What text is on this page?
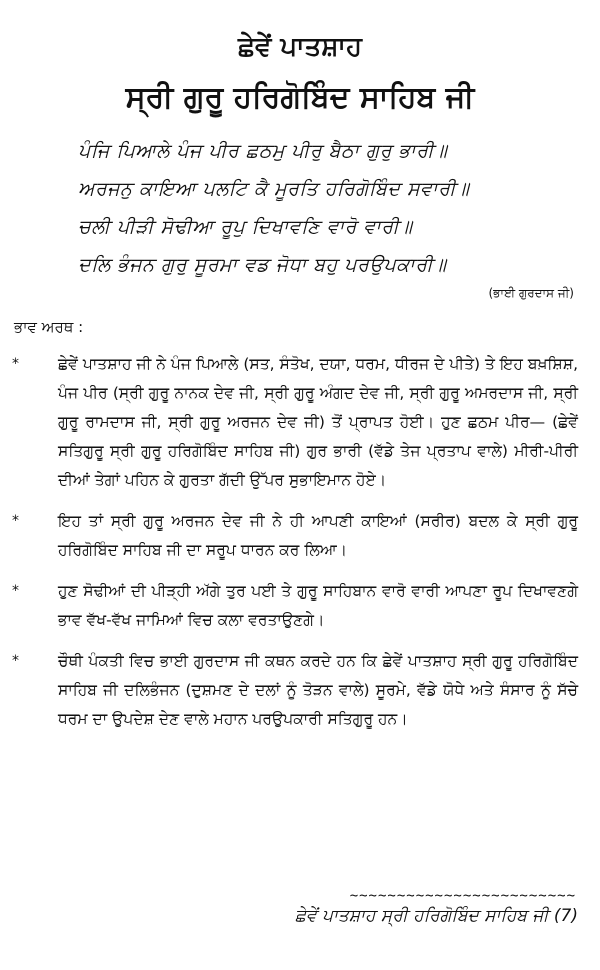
ਛੇਵੇਂ ਪਾਤਸ਼ਾਹ
ਸ੍ਰੀ ਗੁਰੂ ਹਰਿਗੋਬਿੰਦ ਸਾਹਿਬ ਜੀ
ਪੰਜਿ ਪਿਆਲੇ ਪੰਜ ਪੀਰ ਛਠਮੁ ਪੀਰੁ ਬੈਠਾ ਗੁਰੁ ਭਾਰੀ॥
ਅਰਜਨੁ ਕਾਇਆ ਪਲਟਿ ਕੈ ਮੂਰਤਿ ਹਰਿਗੋਬਿੰਦ ਸਵਾਰੀ॥
ਚਲੀ ਪੀੜੀ ਸੋਢੀਆ ਰੂਪੁ ਦਿਖਾਵਣਿ ਵਾਰੋ ਵਾਰੀ॥
ਦਲਿ ਭੰਜਨ ਗੁਰੁ ਸੂਰਮਾ ਵਡ ਜੋਧਾ ਬਹੁ ਪਰਉਪਕਾਰੀ॥
(ਭਾਈ ਗੁਰਦਾਸ ਜੀ)
ਭਾਵ ਅਰਥ :
*	ਛੇਵੇਂ ਪਾਤਸ਼ਾਹ ਜੀ ਨੇ ਪੰਜ ਪਿਆਲੇ (ਸਤ, ਸੰਤੋਖ, ਦਯਾ, ਧਰਮ, ਧੀਰਜ ਦੇ ਪੀਤੇ) ਤੇ ਇਹ ਬਖ਼ਸ਼ਿਸ਼, ਪੰਜ ਪੀਰ (ਸ੍ਰੀ ਗੁਰੂ ਨਾਨਕ ਦੇਵ ਜੀ, ਸ੍ਰੀ ਗੁਰੂ ਅੰਗਦ ਦੇਵ ਜੀ, ਸ੍ਰੀ ਗੁਰੂ ਅਮਰਦਾਸ ਜੀ, ਸ੍ਰੀ ਗੁਰੂ ਰਾਮਦਾਸ ਜੀ, ਸ੍ਰੀ ਗੁਰੂ ਅਰਜਨ ਦੇਵ ਜੀ) ਤੋਂ ਪ੍ਰਾਪਤ ਹੋਈ। ਹੁਣ ਛਠਮ ਪੀਰ— (ਛੇਵੇਂ ਸਤਿਗੁਰੂ ਸ੍ਰੀ ਗੁਰੂ ਹਰਿਗੋਬਿੰਦ ਸਾਹਿਬ ਜੀ) ਗੁਰ ਭਾਰੀ (ਵੱਡੇ ਤੇਜ ਪ੍ਰਤਾਪ ਵਾਲੇ) ਮੀਰੀ-ਪੀਰੀ ਦੀਆਂ ਤੇਗਾਂ ਪਹਿਨ ਕੇ ਗੁਰਤਾ ਗੱਦੀ ਉੱਪਰ ਸੁਭਾਇਮਾਨ ਹੋਏ।
*	ਇਹ ਤਾਂ ਸ੍ਰੀ ਗੁਰੂ ਅਰਜਨ ਦੇਵ ਜੀ ਨੇ ਹੀ ਆਪਣੀ ਕਾਇਆਂ (ਸਰੀਰ) ਬਦਲ ਕੇ ਸ੍ਰੀ ਗੁਰੂ ਹਰਿਗੋਬਿੰਦ ਸਾਹਿਬ ਜੀ ਦਾ ਸਰੂਪ ਧਾਰਨ ਕਰ ਲਿਆ।
*	ਹੁਣ ਸੋਢੀਆਂ ਦੀ ਪੀੜ੍ਹੀ ਅੱਗੇ ਤੁਰ ਪਈ ਤੇ ਗੁਰੂ ਸਾਹਿਬਾਨ ਵਾਰੋ ਵਾਰੀ ਆਪਣਾ ਰੂਪ ਦਿਖਾਵਣਗੇ ਭਾਵ ਵੱਖ-ਵੱਖ ਜਾਮਿਆਂ ਵਿਚ ਕਲਾ ਵਰਤਾਉਣਗੇ।
*	ਚੌਥੀ ਪੰਕਤੀ ਵਿਚ ਭਾਈ ਗੁਰਦਾਸ ਜੀ ਕਥਨ ਕਰਦੇ ਹਨ ਕਿ ਛੇਵੇਂ ਪਾਤਸ਼ਾਹ ਸ੍ਰੀ ਗੁਰੂ ਹਰਿਗੋਬਿੰਦ ਸਾਹਿਬ ਜੀ ਦਲਿਭੰਜਨ (ਦੁਸ਼ਮਣ ਦੇ ਦਲਾਂ ਨੂੰ ਤੋੜਨ ਵਾਲੇ) ਸੂਰਮੇ, ਵੱਡੇ ਯੋਧੇ ਅਤੇ ਸੰਸਾਰ ਨੂੰ ਸੱਚੇ ਧਰਮ ਦਾ ਉਪਦੇਸ਼ ਦੇਣ ਵਾਲੇ ਮਹਾਨ ਪਰਉਪਕਾਰੀ ਸਤਿਗੁਰੂ ਹਨ।
~~~~~~~~~~~~~~~~~~~~~~~~
ਛੇਵੇਂ ਪਾਤਸ਼ਾਹ ਸ੍ਰੀ ਹਰਿਗੋਬਿੰਦ ਸਾਹਿਬ ਜੀ (7)
